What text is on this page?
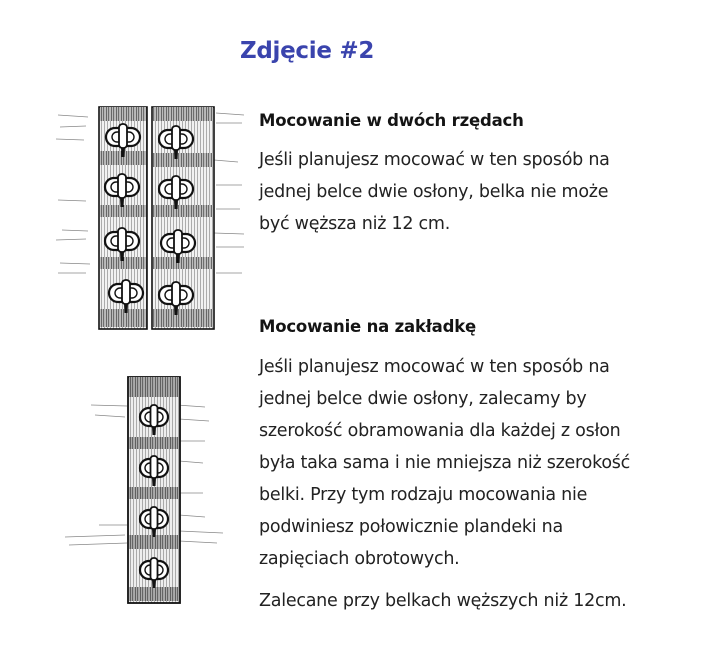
Zdjęcie #2
Mocowanie w dwóch rzędach
Jeśli planujesz mocować w ten sposób na
jednej belce dwie osłony, belka nie może
być węższa niż 12 cm.
Mocowanie na zakładkę
Jeśli planujesz mocować w ten sposób na
jednej belce dwie osłony, zalecamy by
szerokość obramowania dla każdej z osłon
była taka sama i nie mniejsza niż szerokość
belki. Przy tym rodzaju mocowania nie
podwiniesz połowicznie plandeki na
zapięciach obrotowych.
Zalecane przy belkach węższych niż 12cm.
